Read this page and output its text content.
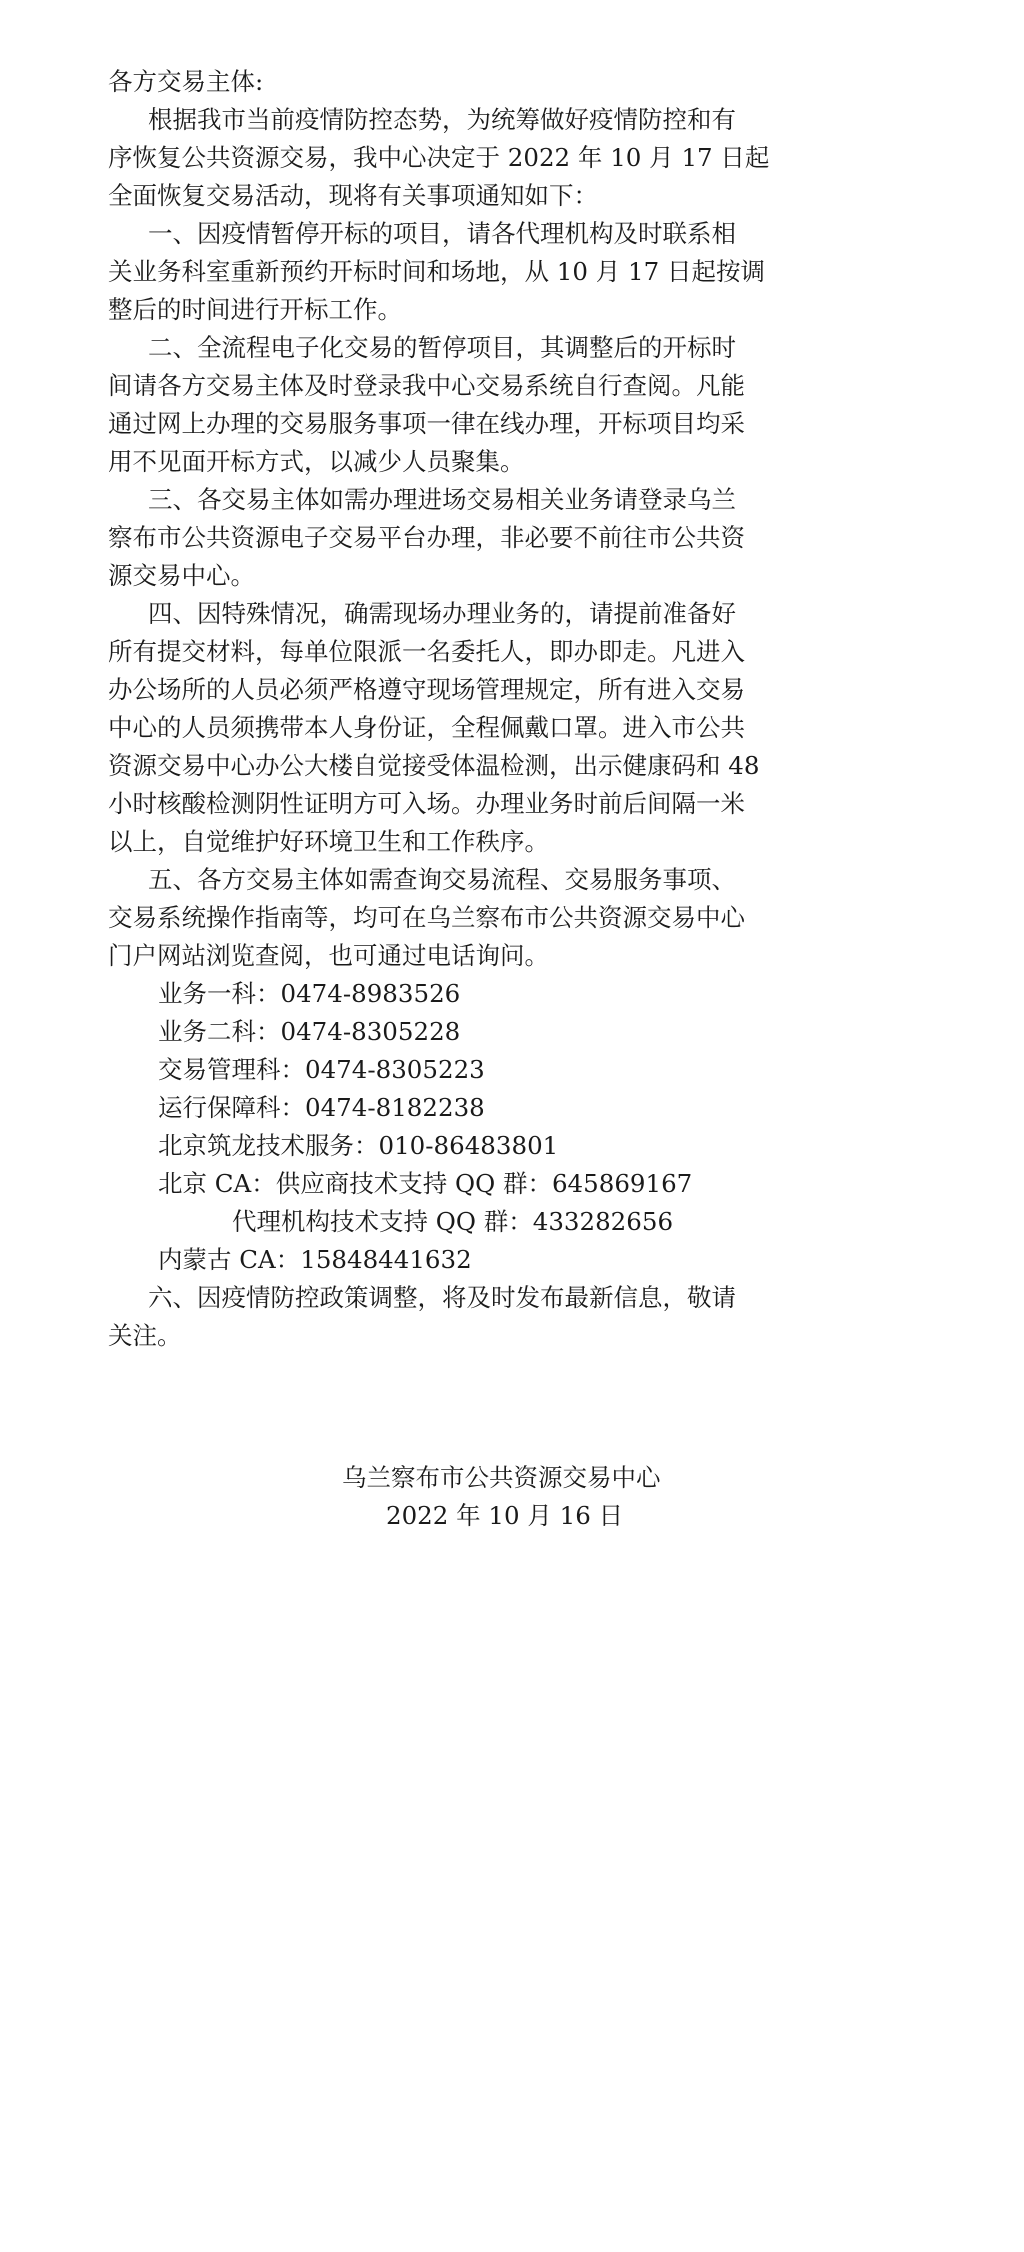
各方交易主体:
根据我市当前疫情防控态势，为统筹做好疫情防控和有
序恢复公共资源交易，我中心决定于 2022 年 10 月 17 日起
全面恢复交易活动，现将有关事项通知如下：
一、因疫情暂停开标的项目，请各代理机构及时联系相
关业务科室重新预约开标时间和场地，从 10 月 17 日起按调
整后的时间进行开标工作。
二、全流程电子化交易的暂停项目，其调整后的开标时
间请各方交易主体及时登录我中心交易系统自行查阅。凡能
通过网上办理的交易服务事项一律在线办理，开标项目均采
用不见面开标方式，以减少人员聚集。
三、各交易主体如需办理进场交易相关业务请登录乌兰
察布市公共资源电子交易平台办理，非必要不前往市公共资
源交易中心。
四、因特殊情况，确需现场办理业务的，请提前准备好
所有提交材料，每单位限派一名委托人，即办即走。凡进入
办公场所的人员必须严格遵守现场管理规定，所有进入交易
中心的人员须携带本人身份证，全程佩戴口罩。进入市公共
资源交易中心办公大楼自觉接受体温检测，出示健康码和 48
小时核酸检测阴性证明方可入场。办理业务时前后间隔一米
以上，自觉维护好环境卫生和工作秩序。
五、各方交易主体如需查询交易流程、交易服务事项、
交易系统操作指南等，均可在乌兰察布市公共资源交易中心
门户网站浏览查阅，也可通过电话询问。
业务一科：0474-8983526
业务二科：0474-8305228
交易管理科：0474-8305223
运行保障科：0474-8182238
北京筑龙技术服务：010-86483801
北京 CA：供应商技术支持 QQ 群：645869167
代理机构技术支持 QQ 群：433282656
内蒙古 CA：15848441632
六、因疫情防控政策调整，将及时发布最新信息，敬请
关注。
乌兰察布市公共资源交易中心
2022 年 10 月 16 日
